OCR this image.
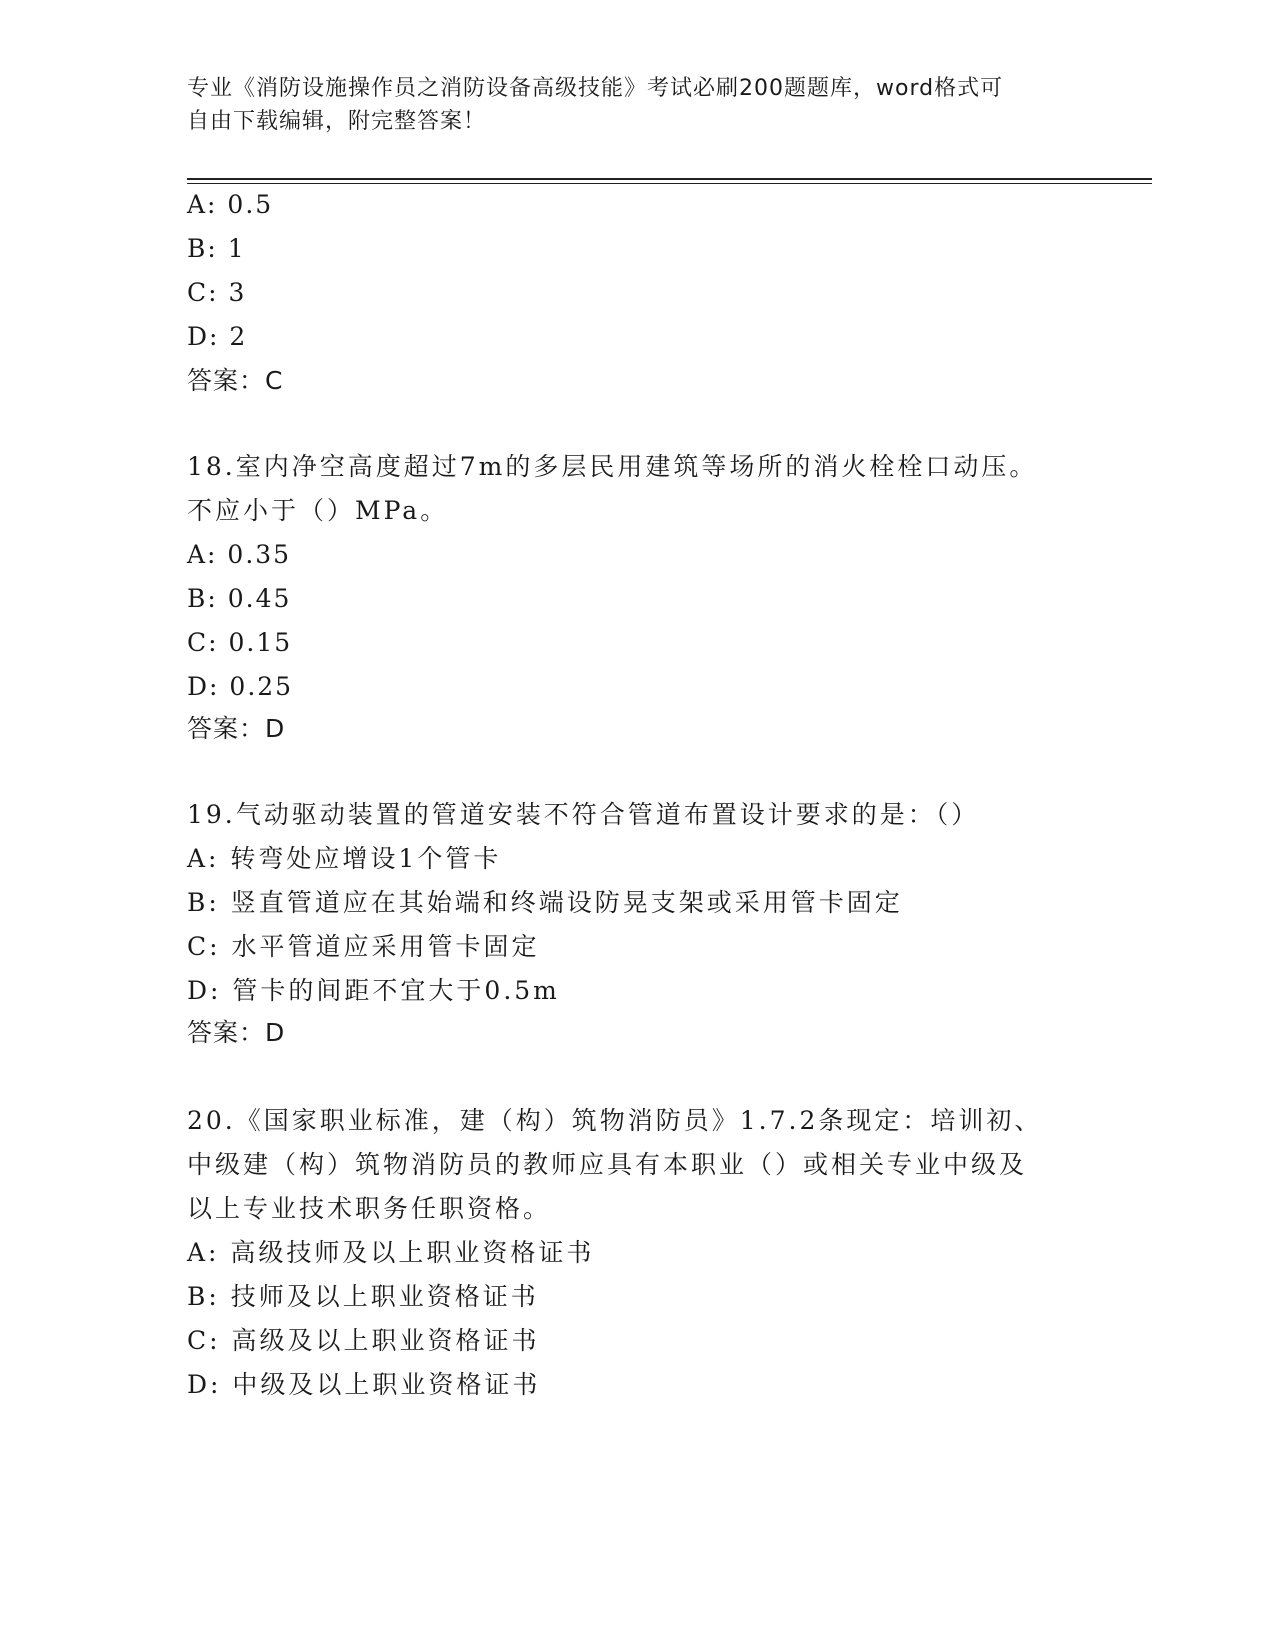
专业《消防设施操作员之消防设备高级技能》考试必刷200题题库，word格式可
自由下载编辑，附完整答案！
A: 0.5
B: 1
C: 3
D: 2
答案：C
18.室内净空高度超过7m的多层民用建筑等场所的消火栓栓口动压。
不应小于（）MPa。
A: 0.35
B: 0.45
C: 0.15
D: 0.25
答案：D
19.气动驱动装置的管道安装不符合管道布置设计要求的是：（）
A: 转弯处应增设1个管卡
B: 竖直管道应在其始端和终端设防晃支架或采用管卡固定
C: 水平管道应采用管卡固定
D: 管卡的间距不宜大于0.5m
答案：D
20.《国家职业标准，建（构）筑物消防员》1.7.2条现定：培训初、
中级建（构）筑物消防员的教师应具有本职业（）或相关专业中级及
以上专业技术职务任职资格。
A: 高级技师及以上职业资格证书
B: 技师及以上职业资格证书
C: 高级及以上职业资格证书
D: 中级及以上职业资格证书
